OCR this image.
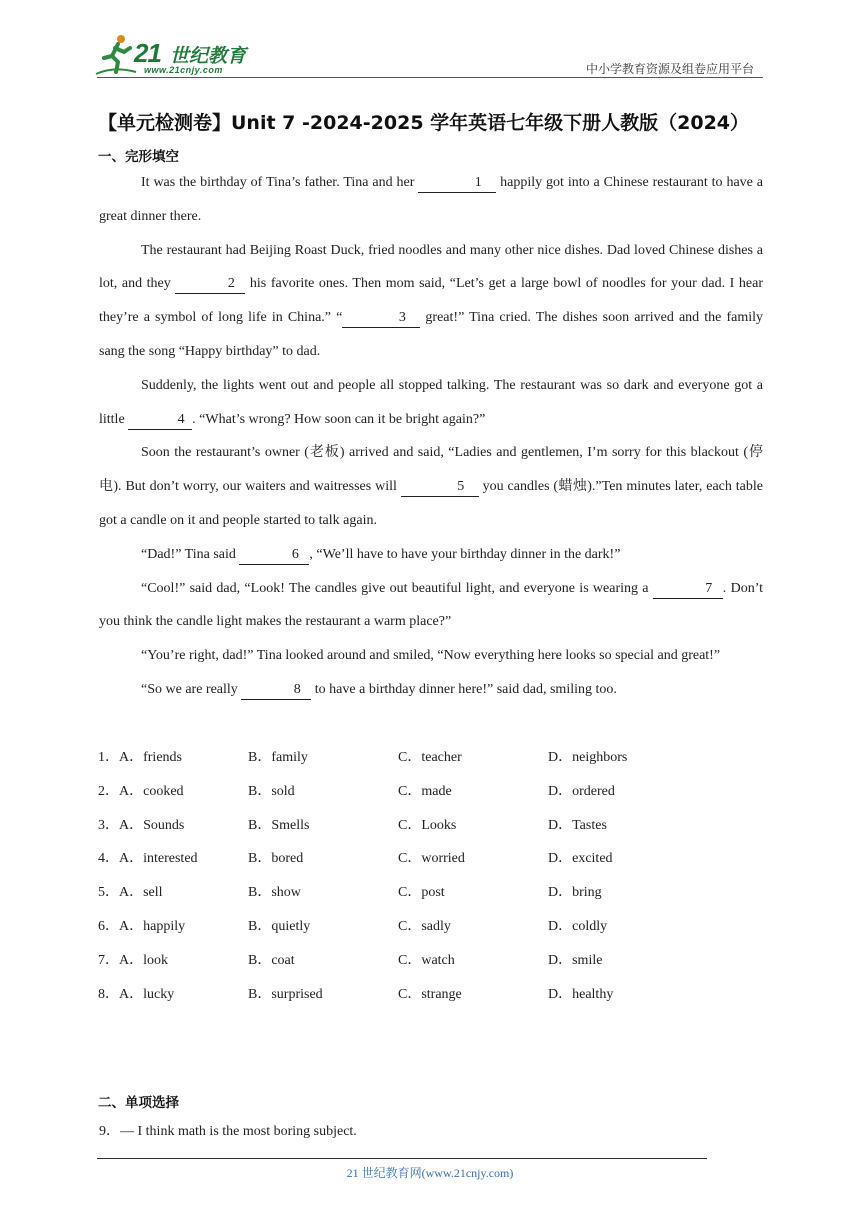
21 世纪教育
www.21cnjy.com	中小学教育资源及组卷应用平台
【单元检测卷】Unit 7 -2024-2025 学年英语七年级下册人教版（2024）
一、完形填空

It was the birthday of Tina’s father. Tina and her	1 happily got into a Chinese restaurant to have a great dinner there.

The restaurant had Beijing Roast Duck, fried noodles and many other nice dishes. Dad loved Chinese dishes a lot, and they	2 his favorite ones. Then mom said, “Let’s get a large bowl of noodles for your dad. I hear they’re a symbol of long life in China.” “	3 great!” Tina cried. The dishes soon arrived and the family sang the song “Happy birthday” to dad.

Suddenly, the lights went out and people all stopped talking. The restaurant was so dark and everyone got a little	4 . “What’s wrong? How soon can it be bright again?”

Soon the restaurant’s owner (老板) arrived and said, “Ladies and gentlemen, I’m sorry for this blackout (停电). But don’t worry, our waiters and waitresses will	5 you candles (蜡烛).”Ten minutes later, each table got a candle on it and people started to talk again.

“Dad!” Tina said	6 , “We’ll have to have your birthday dinner in the dark!”

“Cool!” said dad, “Look! The candles give out beautiful light, and everyone is wearing a	7 . Don’t you think the candle light makes the restaurant a warm place?”

“You’re right, dad!” Tina looked around and smiled, “Now everything here looks so special and great!”

“So we are really	8 to have a birthday dinner here!” said dad, smiling too.

1．A．friends	B．family	C．teacher	D．neighbors
2．A．cooked	B．sold	C．made	D．ordered
3．A．Sounds	B．Smells	C．Looks	D．Tastes
4．A．interested	B．bored	C．worried	D．excited
5．A．sell	B．show	C．post	D．bring
6．A．happily	B．quietly	C．sadly	D．coldly
7．A．look	B．coat	C．watch	D．smile
8．A．lucky	B．surprised	C．strange	D．healthy
二、单项选择
9．— I think math is the most boring subject.
21 世纪教育网(www.21cnjy.com)
